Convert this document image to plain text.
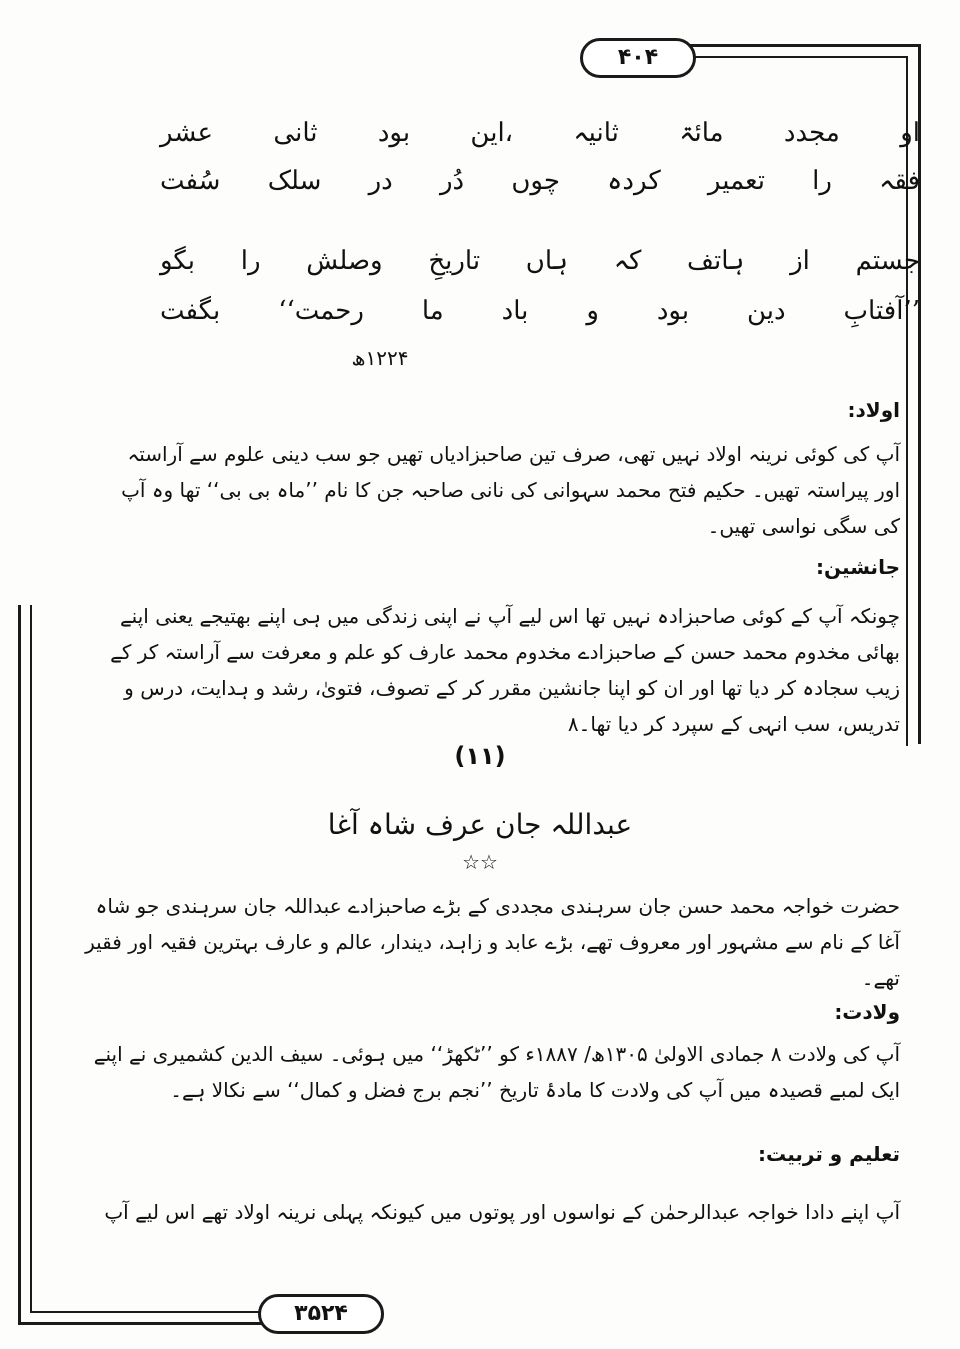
۴۰۴
۳۵۲۴
او مجدد مائۃ ثانیہ ،این بود ثانی عشر
فقہ را تعمیر کردہ چوں دُر در سلک سُفت
جستم از ہاتف کہ ہاں تاریخِ وصلش را بگو
’’آفتابِ دین بود و باد ما رحمت‘‘ بگفت
۱۲۲۴ھ
اولاد:
آپ کی کوئی نرینہ اولاد نہیں تھی، صرف تین صاحبزادیاں تھیں جو سب دینی علوم سے آراستہ اور پیراستہ تھیں۔ حکیم فتح محمد سہوانی کی نانی صاحبہ جن کا نام ’’ماہ بی بی‘‘ تھا وہ آپ کی سگی نواسی تھیں۔
جانشین:
چونکہ آپ کے کوئی صاحبزادہ نہیں تھا اس لیے آپ نے اپنی زندگی میں ہی اپنے بھتیجے یعنی اپنے بھائی مخدوم محمد حسن کے صاحبزادے مخدوم محمد عارف کو علم و معرفت سے آراستہ کر کے زیب سجادہ کر دیا تھا اور ان کو اپنا جانشین مقرر کر کے تصوف، فتویٰ، رشد و ہدایت، درس و تدریس، سب انہی کے سپرد کر دیا تھا۔۸
(۱۱)
عبداللہ جان عرف شاہ آغا
☆☆
حضرت خواجہ محمد حسن جان سرہندی مجددی کے بڑے صاحبزادے عبداللہ جان سرہندی جو شاہ آغا کے نام سے مشہور اور معروف تھے، بڑے عابد و زاہد، دیندار، عالم و عارف بہترین فقیہ اور فقیر تھے۔
ولادت:
آپ کی ولادت ۸ جمادی الاولیٰ ۱۳۰۵ھ/ ۱۸۸۷ء کو ’’ٹکھڑ‘‘ میں ہوئی۔ سیف الدین کشمیری نے اپنے ایک لمبے قصیدہ میں آپ کی ولادت کا مادۂ تاریخ ’’نجم برج فضل و کمال‘‘ سے نکالا ہے۔
تعلیم و تربیت:
آپ اپنے دادا خواجہ عبدالرحمٰن کے نواسوں اور پوتوں میں کیونکہ پہلی نرینہ اولاد تھے اس لیے آپ
